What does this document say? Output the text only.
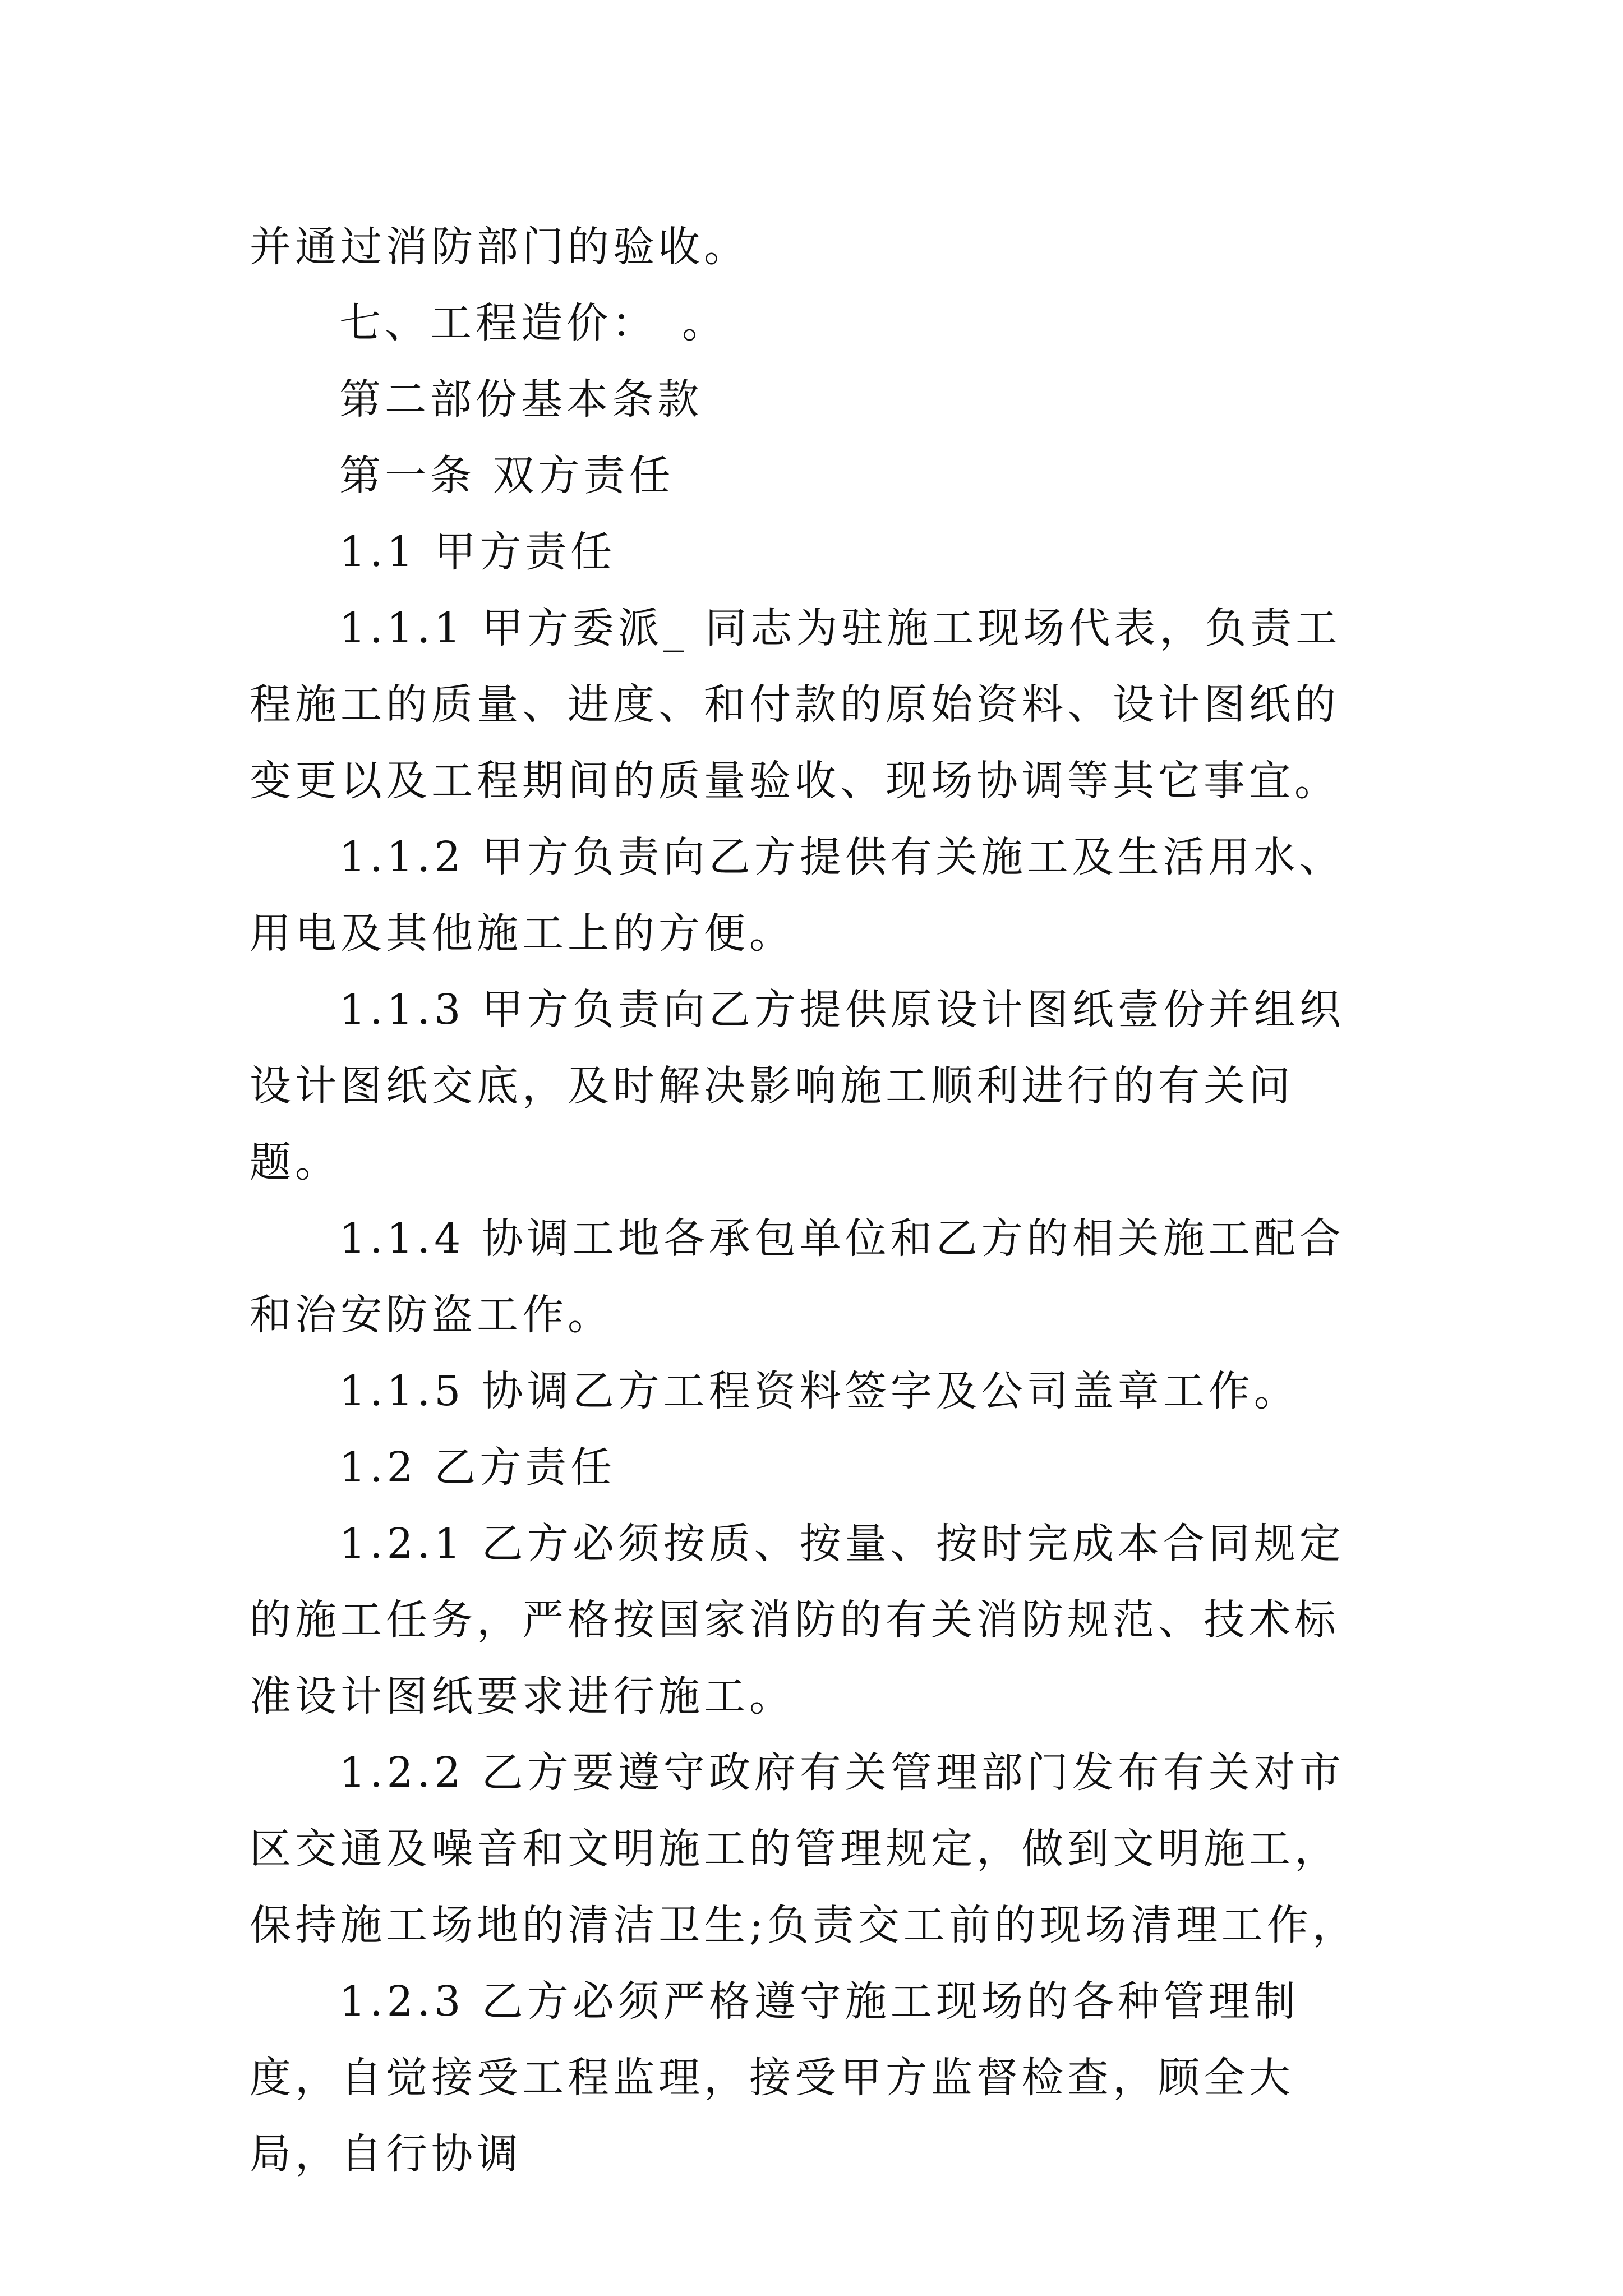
并通过消防部门的验收。

七、工程造价：　。

第二部份基本条款

第一条 双方责任

1.1 甲方责任

1.1.1 甲方委派_ 同志为驻施工现场代表，负责工程施工的质量、进度、和付款的原始资料、设计图纸的变更以及工程期间的质量验收、现场协调等其它事宜。

1.1.2 甲方负责向乙方提供有关施工及生活用水、用电及其他施工上的方便。

1.1.3 甲方负责向乙方提供原设计图纸壹份并组织设计图纸交底，及时解决影响施工顺利进行的有关问题。

1.1.4 协调工地各承包单位和乙方的相关施工配合和治安防盗工作。

1.1.5 协调乙方工程资料签字及公司盖章工作。

1.2 乙方责任

1.2.1 乙方必须按质、按量、按时完成本合同规定的施工任务，严格按国家消防的有关消防规范、技术标准设计图纸要求进行施工。

1.2.2 乙方要遵守政府有关管理部门发布有关对市区交通及噪音和文明施工的管理规定，做到文明施工，保持施工场地的清洁卫生;负责交工前的现场清理工作，

1.2.3 乙方必须严格遵守施工现场的各种管理制度，自觉接受工程监理，接受甲方监督检查，顾全大局，自行协调
